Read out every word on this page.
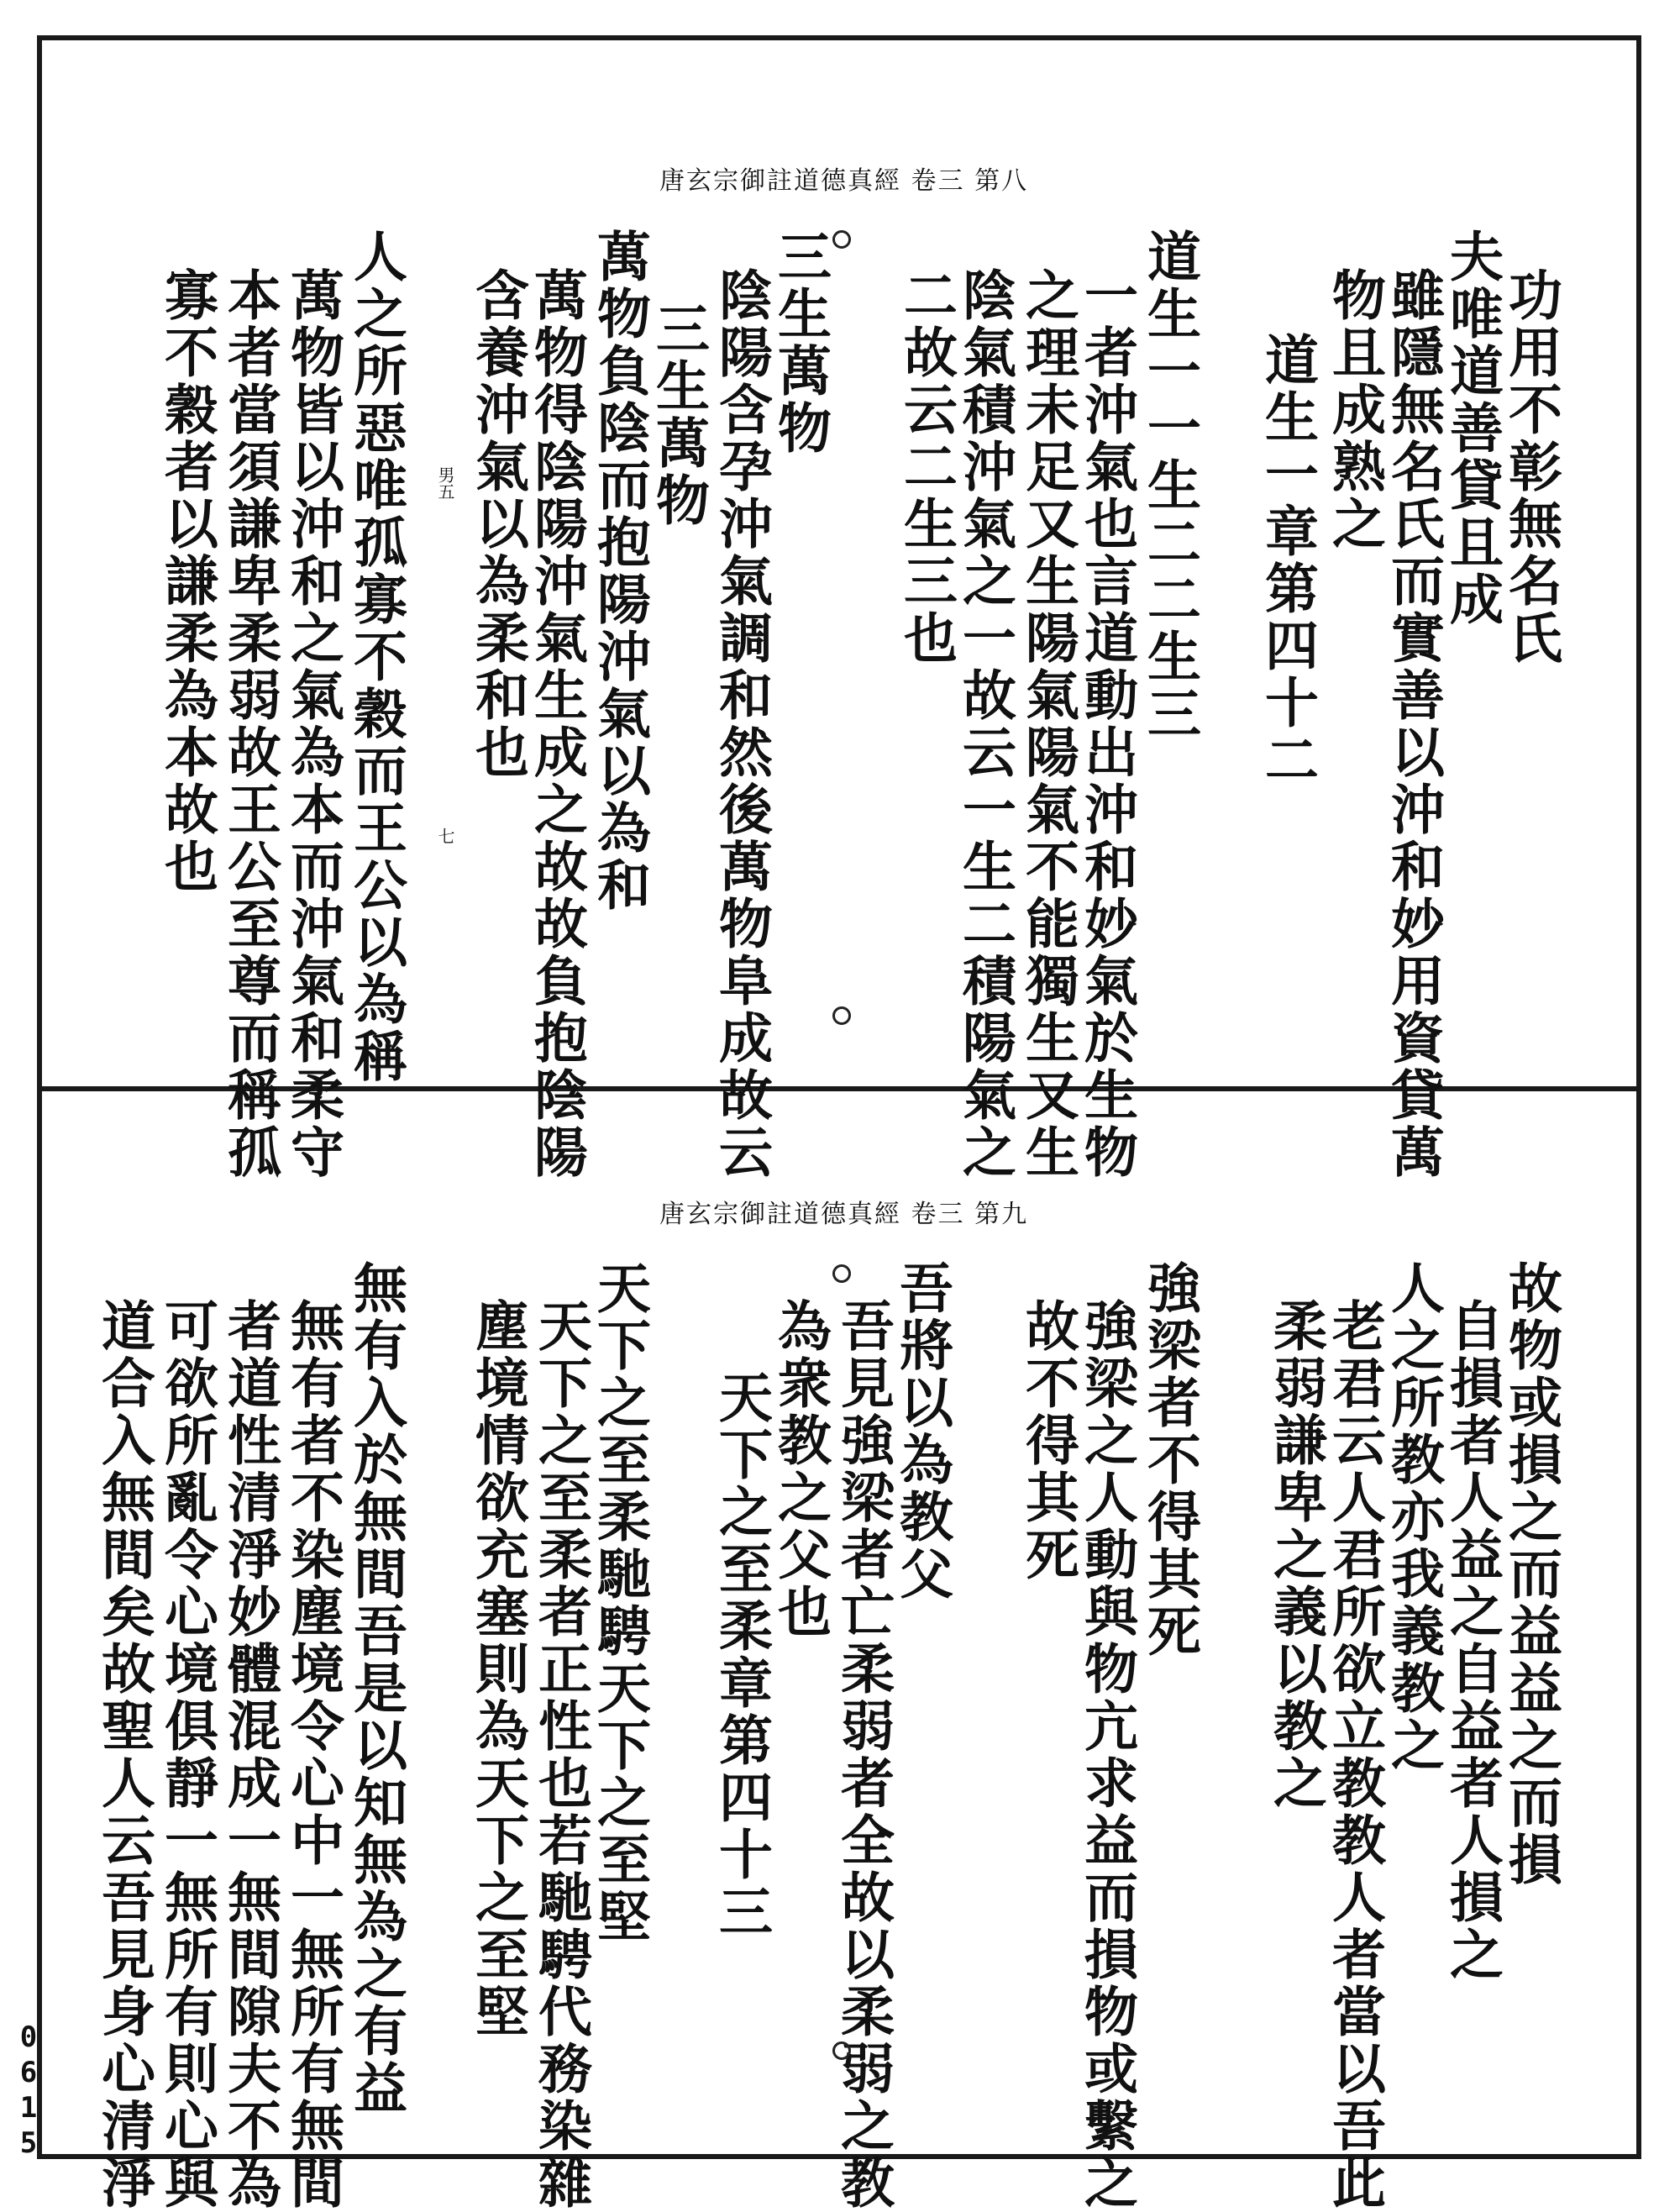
唐玄宗御註道德真經 卷三 第八
功用不彰無名氏
夫唯道善貸且成
雖隱無名氏而實善以沖和妙用資貸萬
物且成熟之
道生一章第四十二
道生一一生二二生三
一者沖氣也言道動出沖和妙氣於生物
之理未足又生陽氣陽氣不能獨生又生
陰氣積沖氣之一故云一生二積陽氣之
二故云二生三也
三生萬物
陰陽含孕沖氣調和然後萬物阜成故云
三生萬物
萬物負陰而抱陽沖氣以為和
萬物得陰陽沖氣生成之故故負抱陰陽
含養沖氣以為柔和也
人之所惡唯孤寡不穀而王公以為稱
萬物皆以沖和之氣為本而沖氣和柔守
本者當須謙卑柔弱故王公至尊而稱孤
寡不穀者以謙柔為本故也	男五
七
唐玄宗御註道德真經 卷三 第九
故物或損之而益益之而損
自損者人益之自益者人損之
人之所教亦我義教之
老君云人君所欲立教教人者當以吾此
柔弱謙卑之義以教之
強梁者不得其死
強梁之人動與物亢求益而損物或繫之
故不得其死
吾將以為教父
吾見強梁者亡柔弱者全故以柔弱之教
為衆教之父也
天下之至柔章第四十三
天下之至柔馳騁天下之至堅
天下之至柔者正性也若馳騁代務染雜
塵境情欲充塞則為天下之至堅
無有入於無間吾是以知無為之有益
無有者不染塵境令心中一無所有無間
者道性清淨妙體混成一無間隙夫不為
可欲所亂令心境俱靜一無所有則心與
道合入無間矣故聖人云吾見身心清淨
0615
